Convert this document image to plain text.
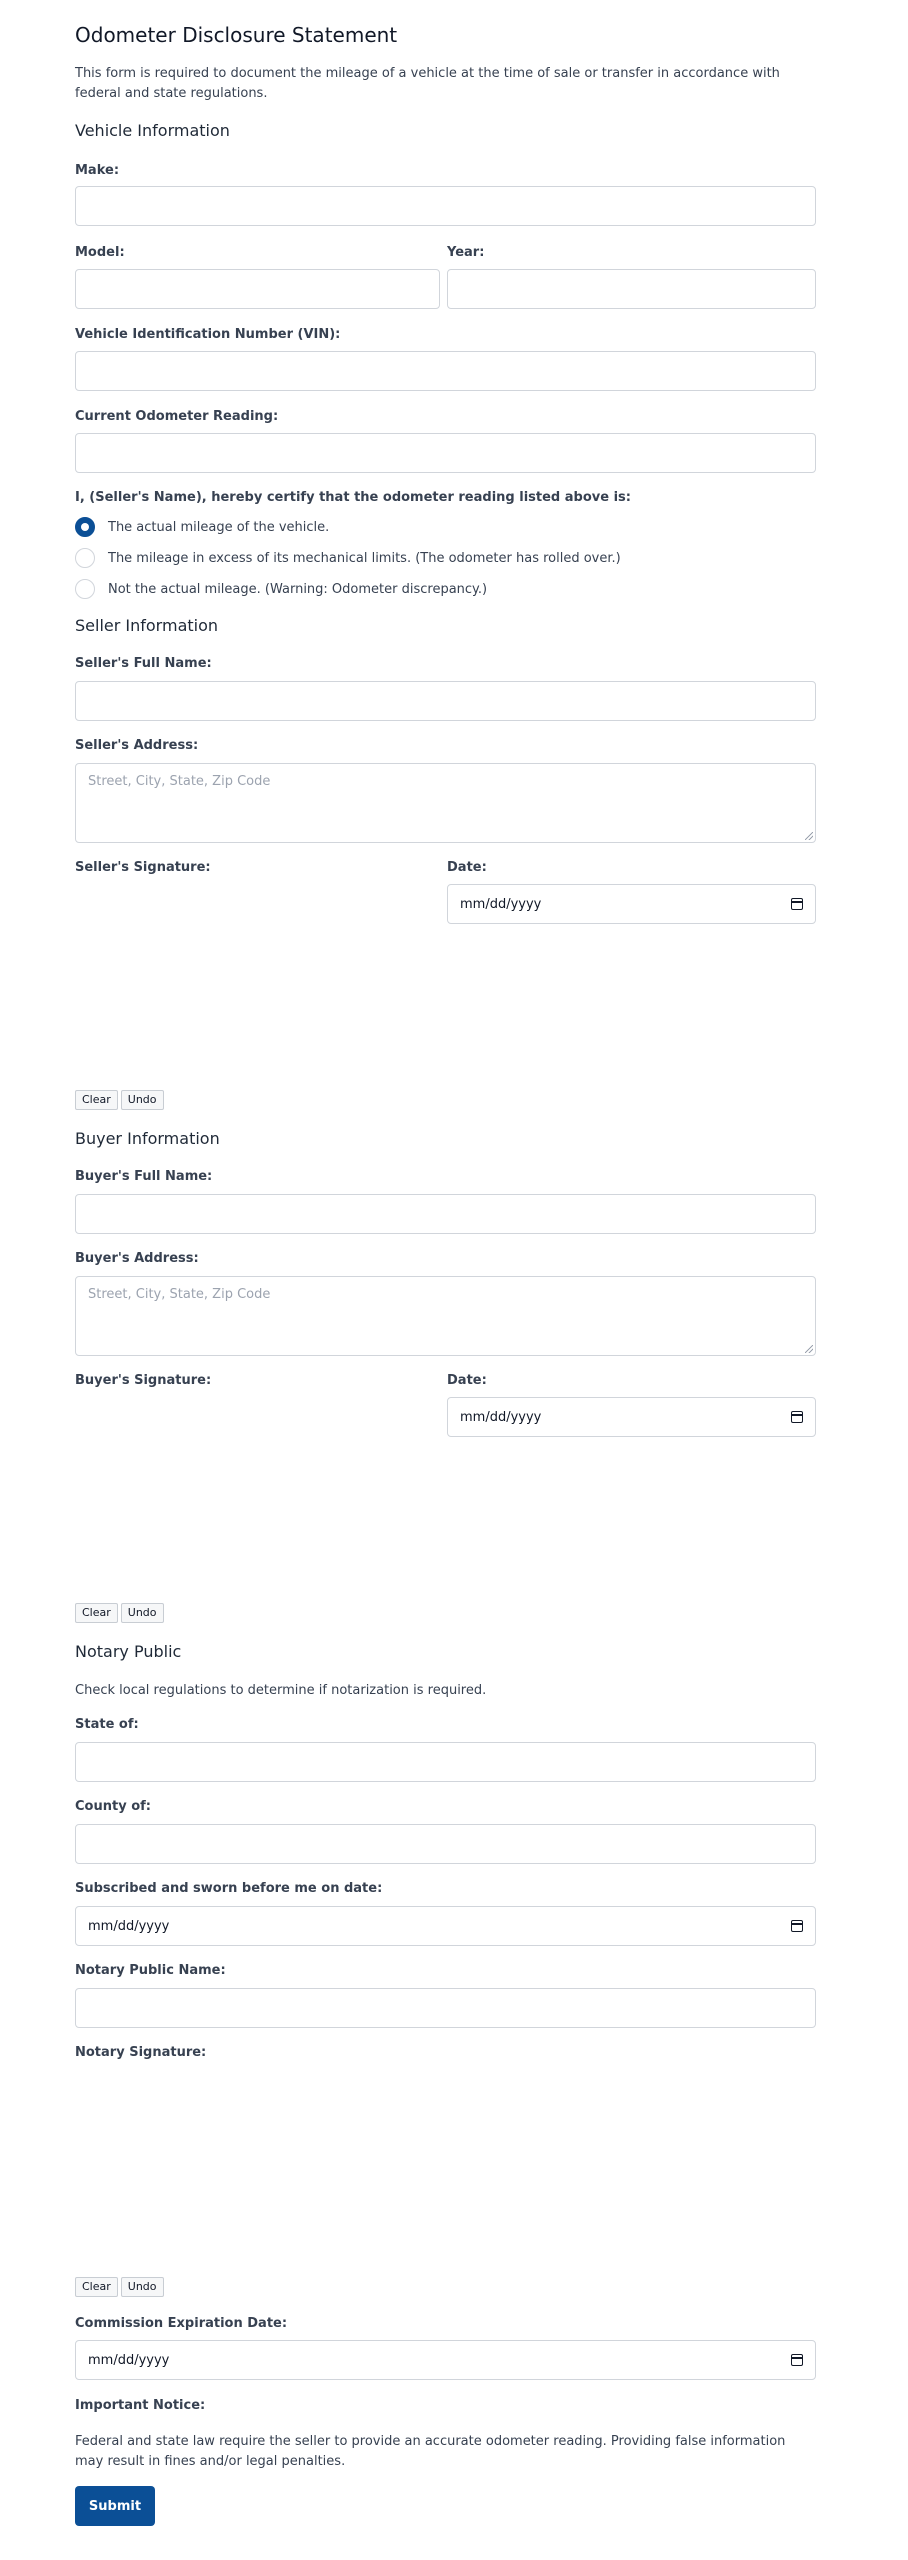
Odometer Disclosure Statement
This form is required to document the mileage of a vehicle at the time of sale or transfer in accordance with federal and state regulations.
Vehicle Information
Make:
Model:	Year:
Vehicle Identification Number (VIN):
Current Odometer Reading:
I, (Seller's Name), hereby certify that the odometer reading listed above is:
The actual mileage of the vehicle.
The mileage in excess of its mechanical limits. (The odometer has rolled over.)
Not the actual mileage. (Warning: Odometer discrepancy.)
Seller Information
Seller's Full Name:
Seller's Address:
Street, City, State, Zip Code
Seller's Signature:	Date:
mm/dd/yyyy
Clear Undo
Buyer Information
Buyer's Full Name:
Buyer's Address:
Street, City, State, Zip Code
Buyer's Signature:	Date:
mm/dd/yyyy
Clear Undo
Notary Public
Check local regulations to determine if notarization is required.
State of:
County of:
Subscribed and sworn before me on date:
mm/dd/yyyy
Notary Public Name:
Notary Signature:
Clear Undo
Commission Expiration Date:
mm/dd/yyyy
Important Notice:
Federal and state law require the seller to provide an accurate odometer reading. Providing false information may result in fines and/or legal penalties.
Submit
